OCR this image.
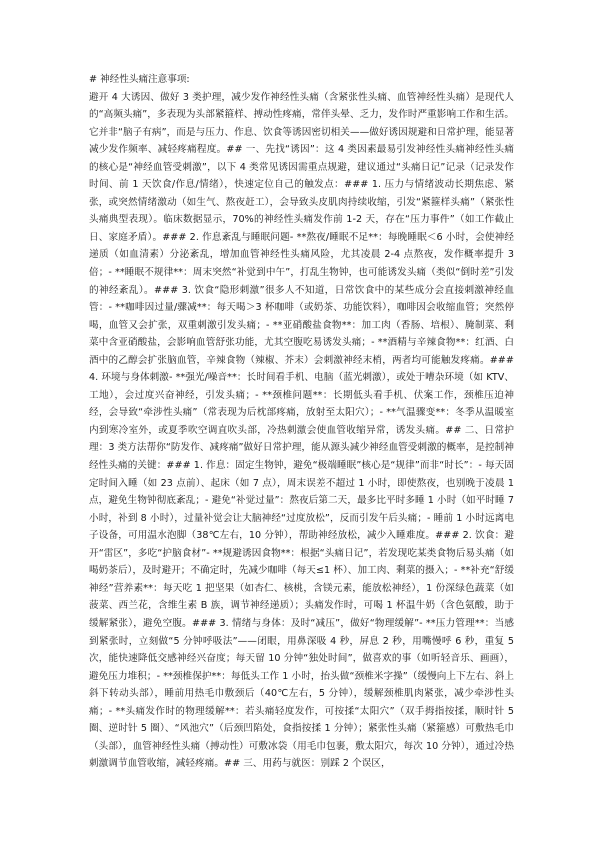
# 神经性头痛注意事项:

避开 4 大诱因、做好 3 类护理，减少发作神经性头痛（含紧张性头痛、血管神经性头痛）是现代人的“高频头痛”，多表现为头部紧箍样、搏动性疼痛，常伴头晕、乏力，发作时严重影响工作和生活。它并非“脑子有病”，而是与压力、作息、饮食等诱因密切相关——做好诱因规避和日常护理，能显著减少发作频率、减轻疼痛程度。## 一、先找“诱因”：这 4 类因素最易引发神经性头痛神经性头痛的核心是“神经血管受刺激”，以下 4 类常见诱因需重点规避，建议通过“头痛日记”记录（记录发作时间、前 1 天饮食/作息/情绪），快速定位自己的触发点：### 1. 压力与情绪波动长期焦虑、紧张，或突然情绪激动（如生气、熬夜赶工），会导致头皮肌肉持续收缩，引发“紧箍样头痛”（紧张性头痛典型表现）。临床数据显示，70%的神经性头痛发作前 1-2 天，存在“压力事件”（如工作截止日、家庭矛盾）。### 2. 作息紊乱与睡眠问题- **熬夜/睡眠不足**：每晚睡眠＜6 小时，会使神经递质（如血清素）分泌紊乱，增加血管神经性头痛风险，尤其凌晨 2-4 点熬夜，发作概率提升 3 倍；- **睡眠不规律**：周末突然“补觉到中午”，打乱生物钟，也可能诱发头痛（类似“倒时差”引发的神经紊乱）。### 3. 饮食“隐形刺激”很多人不知道，日常饮食中的某些成分会直接刺激神经血管：- **咖啡因过量/骤减**：每天喝＞3 杯咖啡（或奶茶、功能饮料），咖啡因会收缩血管；突然停喝，血管又会扩张，双重刺激引发头痛；- **亚硝酸盐食物**：加工肉（香肠、培根）、腌制菜、剩菜中含亚硝酸盐，会影响血管舒张功能，尤其空腹吃易诱发头痛；- **酒精与辛辣食物**：红酒、白酒中的乙醇会扩张脑血管，辛辣食物（辣椒、芥末）会刺激神经末梢，两者均可能触发疼痛。### 4. 环境与身体刺激- **强光/噪音**：长时间看手机、电脑（蓝光刺激），或处于嘈杂环境（如 KTV、工地），会过度兴奋神经，引发头痛；- **颈椎问题**：长期低头看手机、伏案工作，颈椎压迫神经，会导致“牵涉性头痛”（常表现为后枕部疼痛，放射至太阳穴）；- **气温骤变**：冬季从温暖室内到寒冷室外，或夏季吹空调直吹头部，冷热刺激会使血管收缩异常，诱发头痛。## 二、日常护理：3 类方法帮你“防发作、减疼痛”做好日常护理，能从源头减少神经血管受刺激的概率，是控制神经性头痛的关键：### 1. 作息：固定生物钟，避免“极端睡眠”核心是“规律”而非“时长”：- 每天固定时间入睡（如 23 点前）、起床（如 7 点），周末误差不超过 1 小时，即使熬夜，也别晚于凌晨 1 点，避免生物钟彻底紊乱；- 避免“补觉过量”：熬夜后第二天，最多比平时多睡 1 小时（如平时睡 7 小时，补到 8 小时），过量补觉会让大脑神经“过度放松”，反而引发午后头痛；- 睡前 1 小时远离电子设备，可用温水泡脚（38℃左右，10 分钟），帮助神经放松，减少入睡难度。### 2. 饮食：避开“雷区”，多吃“护脑食材”- **规避诱因食物**：根据“头痛日记”，若发现吃某类食物后易头痛（如喝奶茶后），及时避开；不确定时，先减少咖啡（每天≤1 杯）、加工肉、剩菜的摄入；- **补充“舒缓神经”营养素**：每天吃 1 把坚果（如杏仁、核桃，含镁元素，能放松神经），1 份深绿色蔬菜（如菠菜、西兰花，含维生素 B 族，调节神经递质）；头痛发作时，可喝 1 杯温牛奶（含色氨酸，助于缓解紧张），避免空腹。### 3. 情绪与身体：及时“减压”，做好“物理缓解”- **压力管理**：当感到紧张时，立刻做“5 分钟呼吸法”——闭眼，用鼻深吸 4 秒，屏息 2 秒，用嘴慢呼 6 秒，重复 5 次，能快速降低交感神经兴奋度；每天留 10 分钟“独处时间”，做喜欢的事（如听轻音乐、画画），避免压力堆积；- **颈椎保护**：每低头工作 1 小时，抬头做“颈椎米字操”（缓慢向上下左右、斜上斜下转动头部），睡前用热毛巾敷颈后（40℃左右，5 分钟），缓解颈椎肌肉紧张，减少牵涉性头痛；- **头痛发作时的物理缓解**：若头痛轻度发作，可按揉“太阳穴”（双手拇指按揉，顺时针 5 圈、逆时针 5 圈）、“风池穴”（后颈凹陷处，食指按揉 1 分钟）；紧张性头痛（紧箍感）可敷热毛巾（头部），血管神经性头痛（搏动性）可敷冰袋（用毛巾包裹，敷太阳穴，每次 10 分钟），通过冷热刺激调节血管收缩，减轻疼痛。## 三、用药与就医：别踩 2 个误区，
